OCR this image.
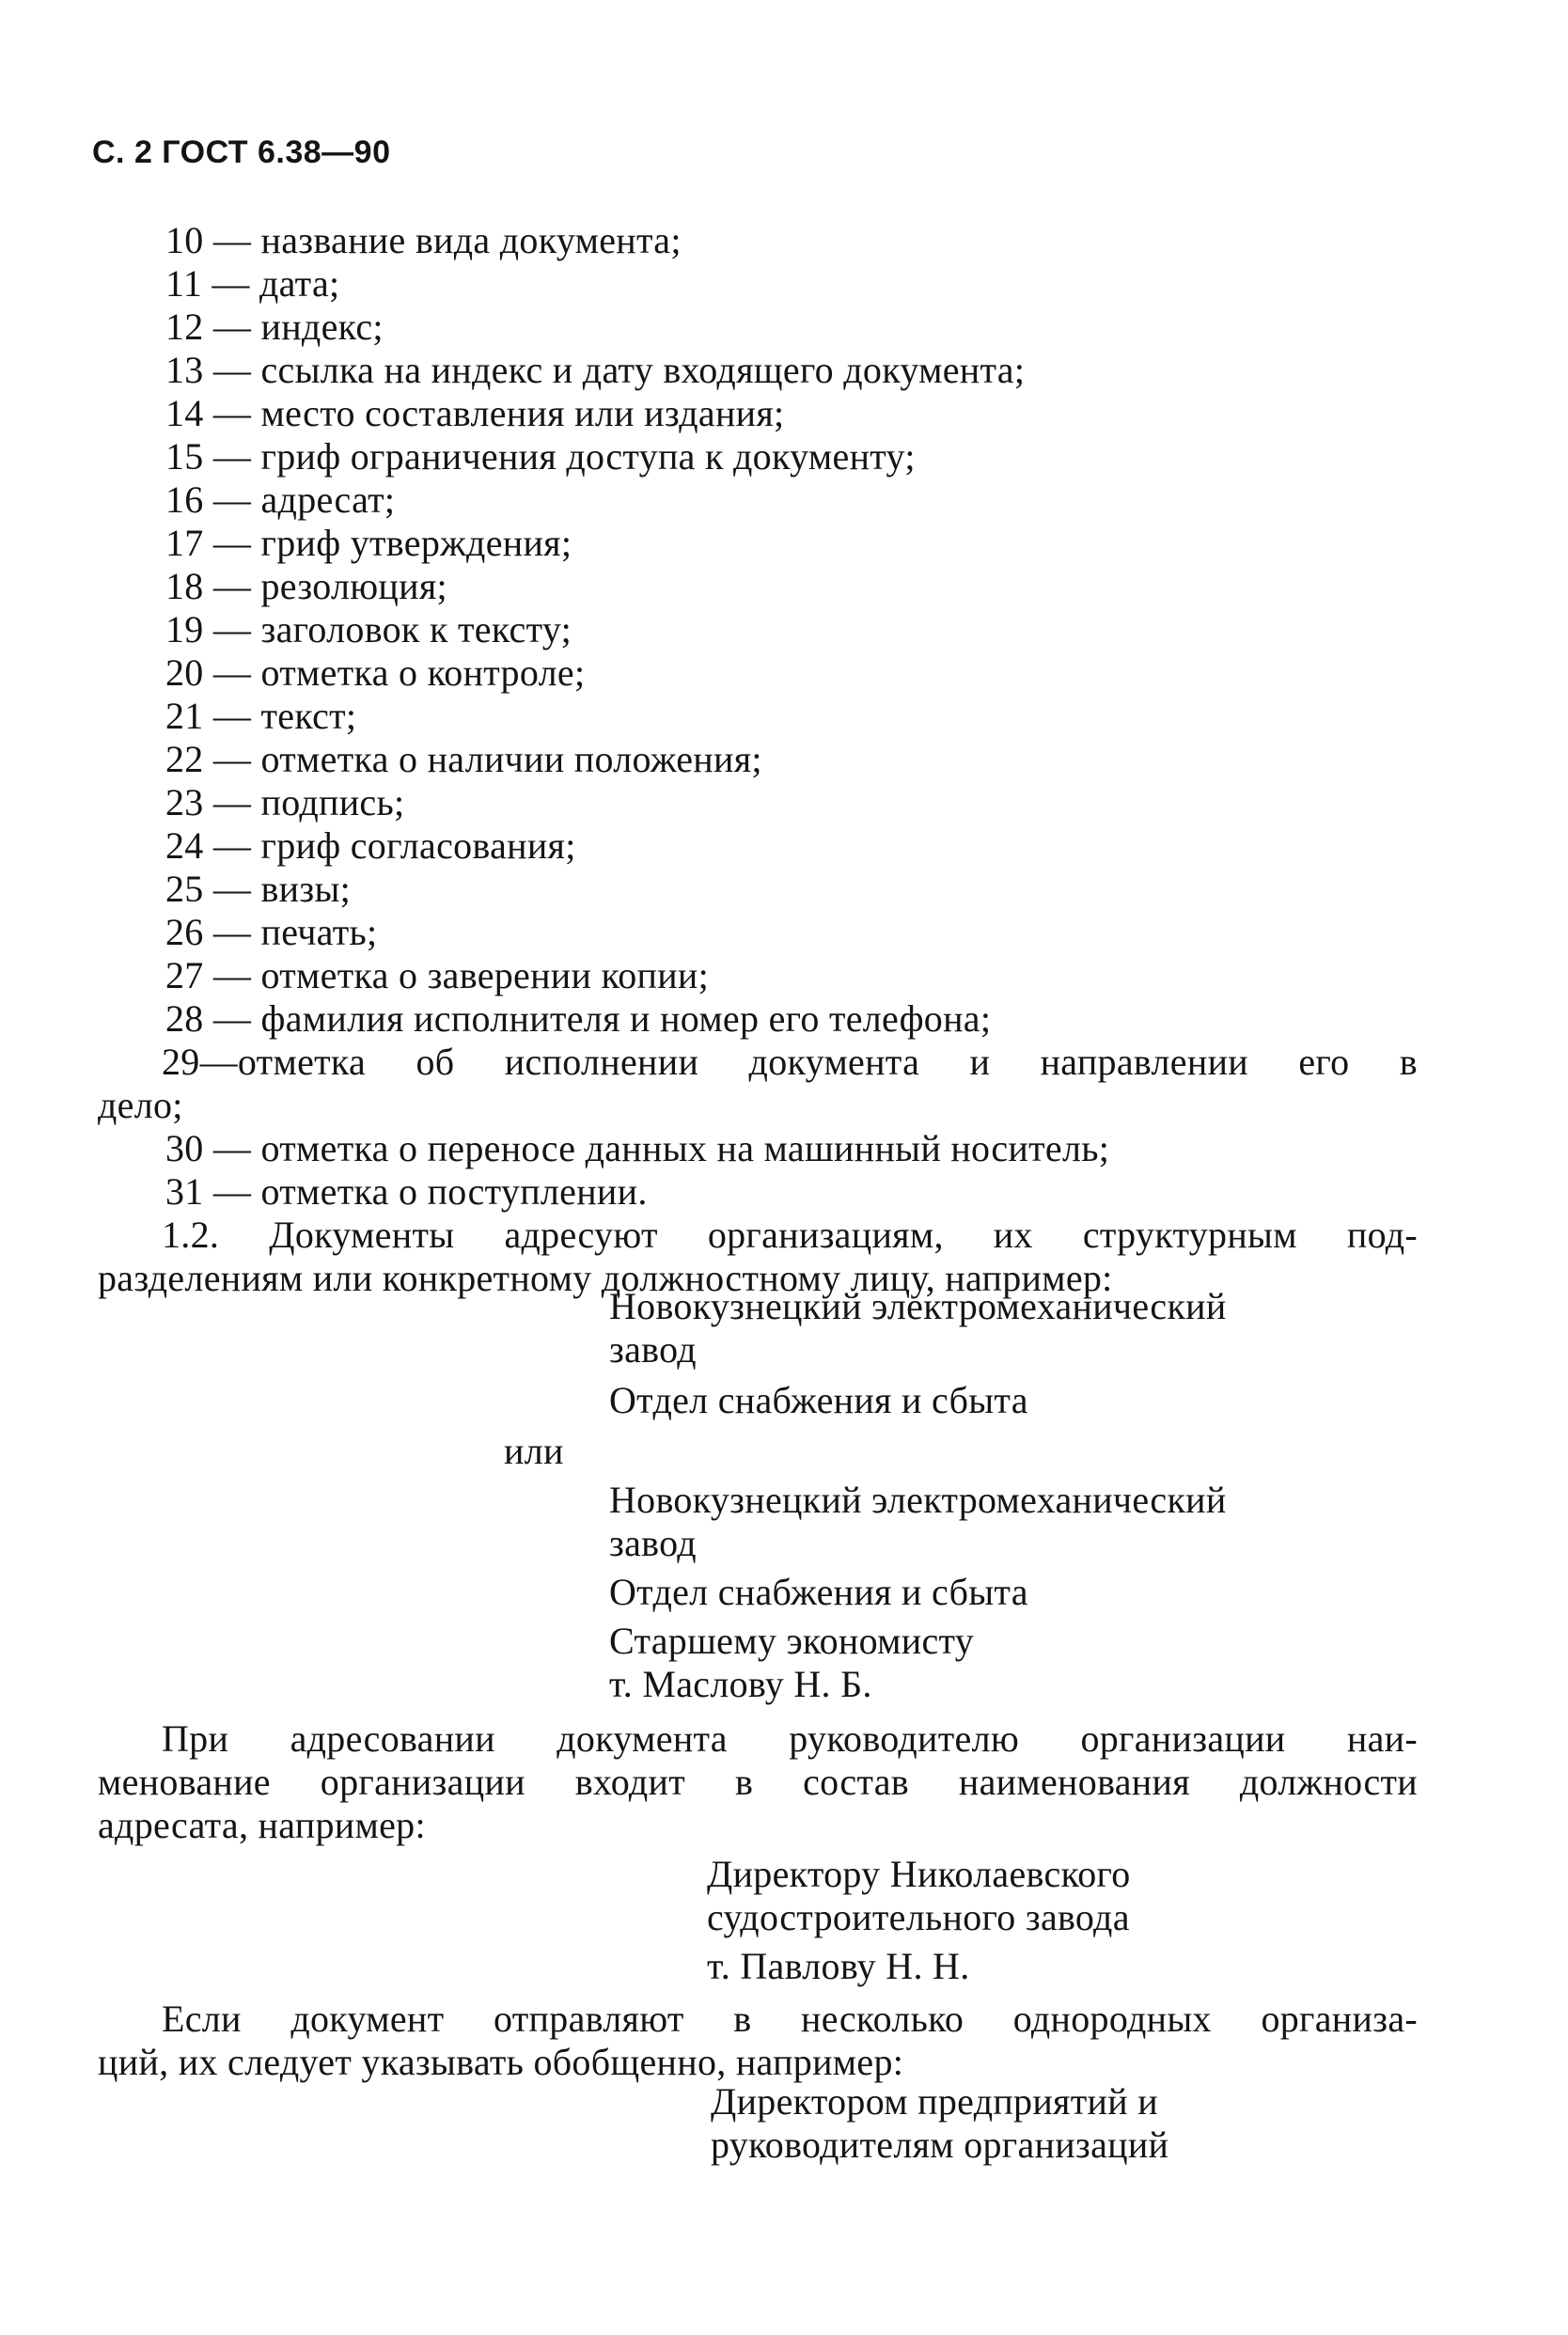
С. 2 ГОСТ 6.38—90
10 — название вида документа;
11 — дата;
12 — индекс;
13 — ссылка на индекс и дату входящего документа;
14 — место составления или издания;
15 — гриф ограничения доступа к документу;
16 — адресат;
17 — гриф утверждения;
18 — резолюция;
19 — заголовок к тексту;
20 — отметка о контроле;
21 — текст;
22 — отметка о наличии положения;
23 — подпись;
24 — гриф согласования;
25 — визы;
26 — печать;
27 — отметка о заверении копии;
28 — фамилия исполнителя и номер его телефона;
29—отметка об исполнении документа и направлении его в
дело;
30 — отметка о переносе данных на машинный носитель;
31 — отметка о поступлении.
1.2. Документы адресуют организациям, их структурным под-
разделениям или конкретному должностному лицу, например:
Новокузнецкий электромеханический
завод
Отдел снабжения и сбыта
или
Новокузнецкий электромеханический
завод
Отдел снабжения и сбыта
Старшему экономисту
т. Маслову Н. Б.
При адресовании документа руководителю организации наи-
менование организации входит в состав наименования должности
адресата, например:
Директору Николаевского
судостроительного завода
т. Павлову Н. Н.
Если документ отправляют в несколько однородных организа-
ций, их следует указывать обобщенно, например:
Директором предприятий и
руководителям организаций
